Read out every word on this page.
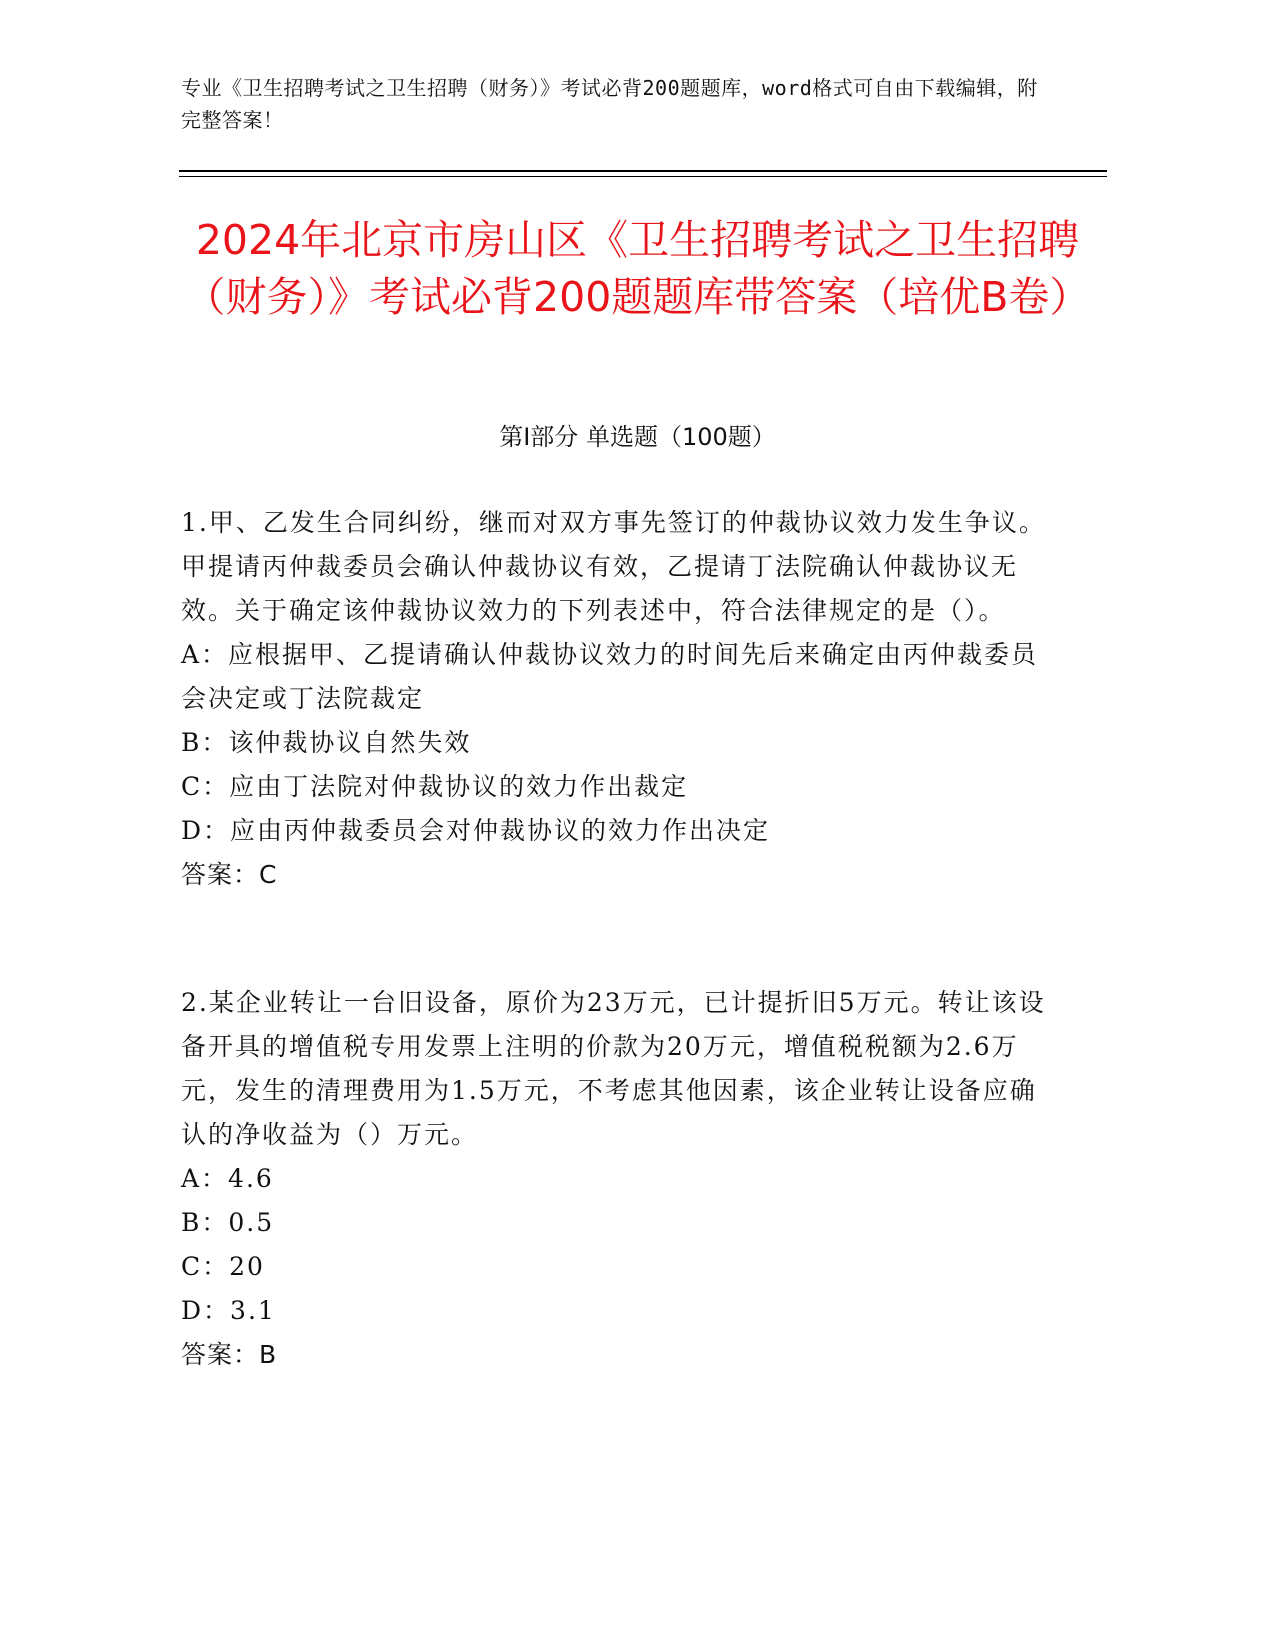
专业《卫生招聘考试之卫生招聘（财务）》考试必背200题题库，word格式可自由下载编辑，附完整答案！
2024年北京市房山区《卫生招聘考试之卫生招聘（财务）》考试必背200题题库带答案（培优B卷）
第Ⅰ部分 单选题（100题）

1.甲、乙发生合同纠纷，继而对双方事先签订的仲裁协议效力发生争议。甲提请丙仲裁委员会确认仲裁协议有效，乙提请丁法院确认仲裁协议无效。关于确定该仲裁协议效力的下列表述中，符合法律规定的是（）。

A：应根据甲、乙提请确认仲裁协议效力的时间先后来确定由丙仲裁委员会决定或丁法院裁定

B：该仲裁协议自然失效

C：应由丁法院对仲裁协议的效力作出裁定

D：应由丙仲裁委员会对仲裁协议的效力作出决定

答案：C

2.某企业转让一台旧设备，原价为23万元，已计提折旧5万元。转让该设备开具的增值税专用发票上注明的价款为20万元，增值税税额为2.6万元，发生的清理费用为1.5万元，不考虑其他因素，该企业转让设备应确认的净收益为（）万元。

A：4.6

B：0.5

C：20

D：3.1

答案：B
